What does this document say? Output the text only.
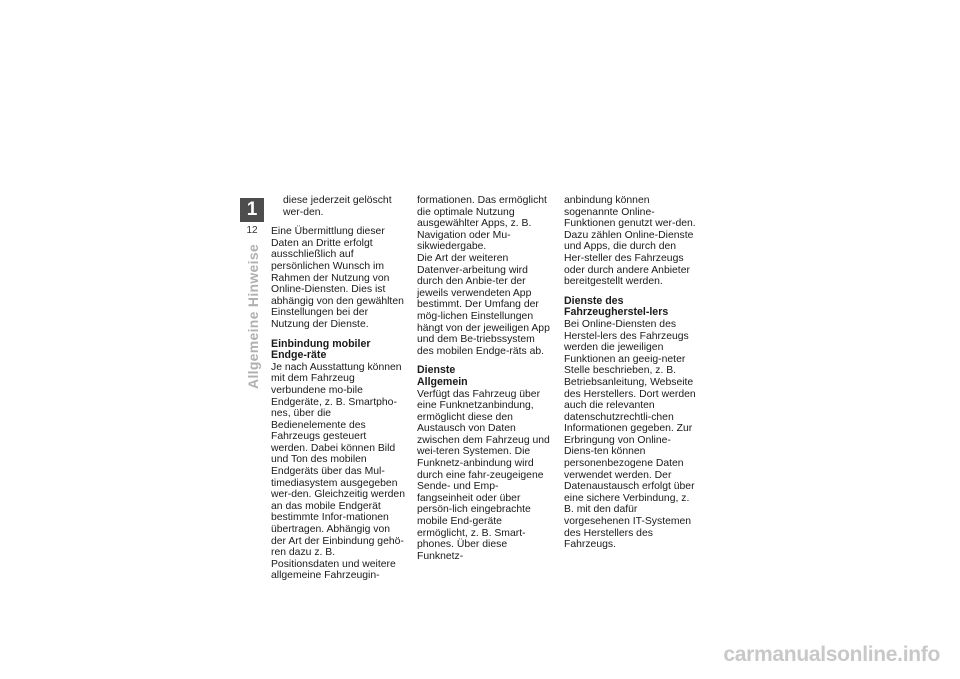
1
12
Allgemeine Hinweise

diese jederzeit gelöscht wer-den.

Eine Übermittlung dieser Daten an Dritte erfolgt ausschließlich auf persönlichen Wunsch im Rahmen der Nutzung von Online-Diensten. Dies ist abhängig von den gewählten Einstellungen bei der Nutzung der Dienste.

Einbindung mobiler Endge-räte

Je nach Ausstattung können mit dem Fahrzeug verbundene mo-bile Endgeräte, z. B. Smartpho-nes, über die Bedienelemente des Fahrzeugs gesteuert werden. Dabei können Bild und Ton des mobilen Endgeräts über das Mul-timediasystem ausgegeben wer-den. Gleichzeitig werden an das mobile Endgerät bestimmte Infor-mationen übertragen. Abhängig von der Art der Einbindung gehö-ren dazu z. B. Positionsdaten und weitere allgemeine Fahrzeugin-

formationen. Das ermöglicht die optimale Nutzung ausgewählter Apps, z. B. Navigation oder Mu-sikwiedergabe.

Die Art der weiteren Datenver-arbeitung wird durch den Anbie-ter der jeweils verwendeten App bestimmt. Der Umfang der mög-lichen Einstellungen hängt von der jeweiligen App und dem Be-triebssystem des mobilen Endge-räts ab.

Dienste
Allgemein

Verfügt das Fahrzeug über eine Funknetzanbindung, ermöglicht diese den Austausch von Daten zwischen dem Fahrzeug und wei-teren Systemen. Die Funknetz-anbindung wird durch eine fahr-zeugeigene Sende- und Emp-fangseinheit oder über persön-lich eingebrachte mobile End-geräte ermöglicht, z. B. Smart-phones. Über diese Funknetz-

anbindung können sogenannte Online-Funktionen genutzt wer-den. Dazu zählen Online-Dienste und Apps, die durch den Her-steller des Fahrzeugs oder durch andere Anbieter bereitgestellt werden.

Dienste des Fahrzeugherstel-lers

Bei Online-Diensten des Herstel-lers des Fahrzeugs werden die jeweiligen Funktionen an geeig-neter Stelle beschrieben, z. B. Betriebsanleitung, Webseite des Herstellers. Dort werden auch die relevanten datenschutzrechtli-chen Informationen gegeben. Zur Erbringung von Online-Diens-ten können personenbezogene Daten verwendet werden. Der Datenaustausch erfolgt über eine sichere Verbindung, z. B. mit den dafür vorgesehenen IT-Systemen des Herstellers des Fahrzeugs.

carmanualsonline.info
